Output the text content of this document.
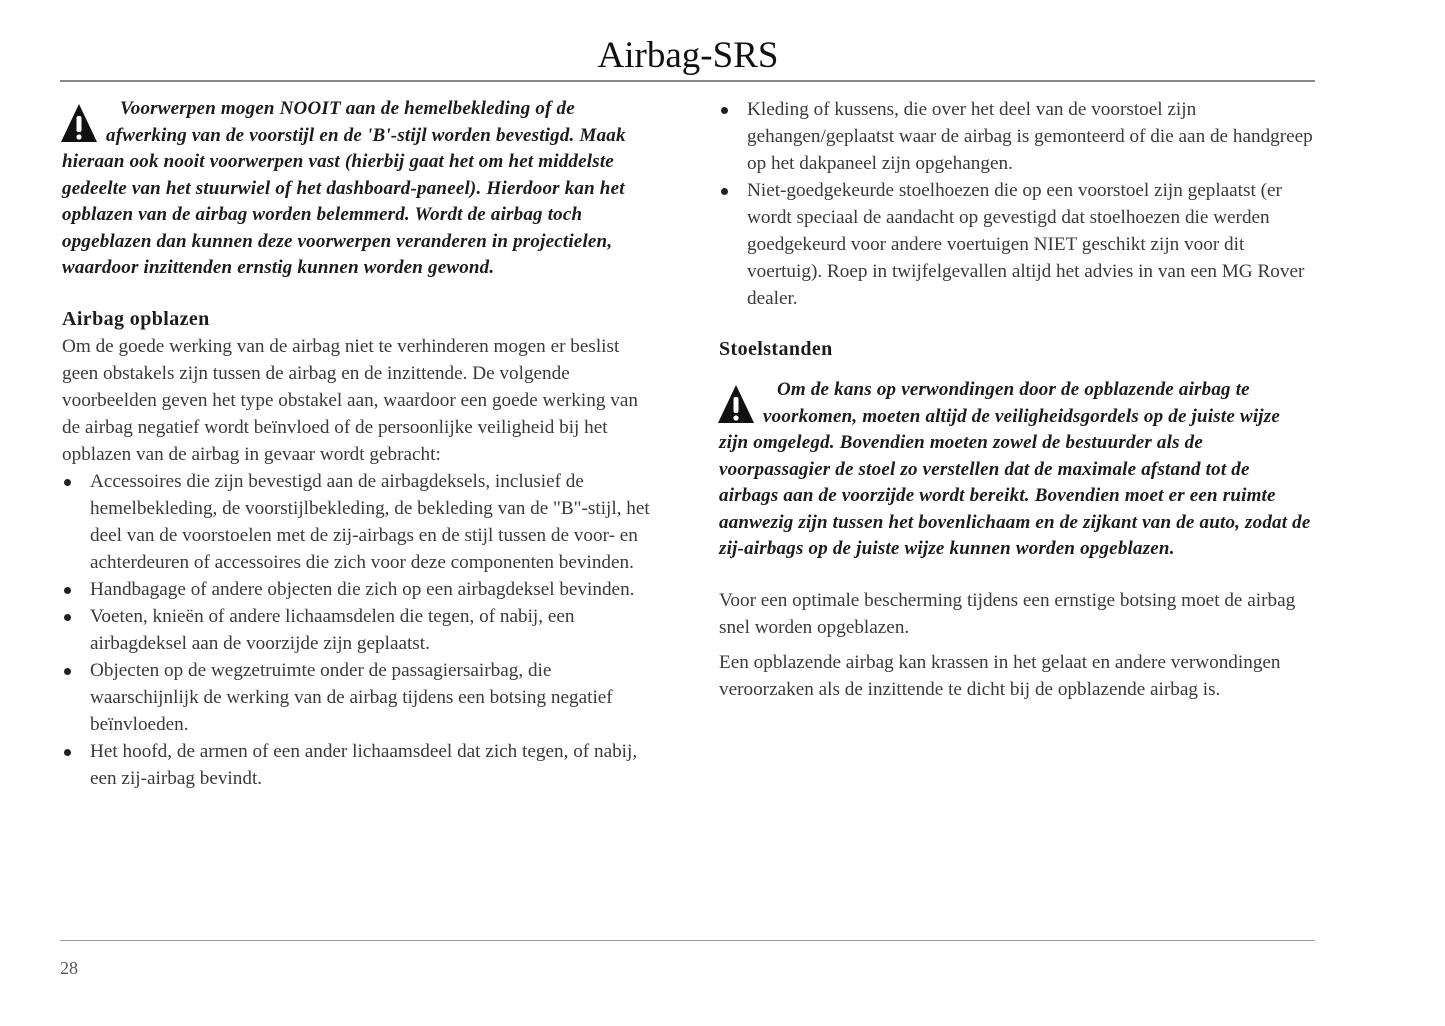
Airbag-SRS
Voorwerpen mogen NOOIT aan de hemelbekleding of de afwerking van de voorstijl en de 'B'-stijl worden bevestigd. Maak hieraan ook nooit voorwerpen vast (hierbij gaat het om het middelste gedeelte van het stuurwiel of het dashboard-paneel). Hierdoor kan het opblazen van de airbag worden belemmerd. Wordt de airbag toch opgeblazen dan kunnen deze voorwerpen veranderen in projectielen, waardoor inzittenden ernstig kunnen worden gewond.
Airbag opblazen

Om de goede werking van de airbag niet te verhinderen mogen er beslist geen obstakels zijn tussen de airbag en de inzittende. De volgende voorbeelden geven het type obstakel aan, waardoor een goede werking van de airbag negatief wordt beïnvloed of de persoonlijke veiligheid bij het opblazen van de airbag in gevaar wordt gebracht:

Accessoires die zijn bevestigd aan de airbagdeksels, inclusief de hemelbekleding, de voorstijlbekleding, de bekleding van de "B"-stijl, het deel van de voorstoelen met de zij-airbags en de stijl tussen de voor- en achterdeuren of accessoires die zich voor deze componenten bevinden.
Handbagage of andere objecten die zich op een airbagdeksel bevinden.
Voeten, knieën of andere lichaamsdelen die tegen, of nabij, een airbagdeksel aan de voorzijde zijn geplaatst.
Objecten op de wegzetruimte onder de passagiersairbag, die waarschijnlijk de werking van de airbag tijdens een botsing negatief beïnvloeden.
Het hoofd, de armen of een ander lichaamsdeel dat zich tegen, of nabij, een zij-airbag bevindt.
Kleding of kussens, die over het deel van de voorstoel zijn gehangen/geplaatst waar de airbag is gemonteerd of die aan de handgreep op het dakpaneel zijn opgehangen.
Niet-goedgekeurde stoelhoezen die op een voorstoel zijn geplaatst (er wordt speciaal de aandacht op gevestigd dat stoelhoezen die werden goedgekeurd voor andere voertuigen NIET geschikt zijn voor dit voertuig). Roep in twijfelgevallen altijd het advies in van een MG Rover dealer.
Stoelstanden
Om de kans op verwondingen door de opblazende airbag te voorkomen, moeten altijd de veiligheidsgordels op de juiste wijze zijn omgelegd. Bovendien moeten zowel de bestuurder als de voorpassagier de stoel zo verstellen dat de maximale afstand tot de airbags aan de voorzijde wordt bereikt. Bovendien moet er een ruimte aanwezig zijn tussen het bovenlichaam en de zijkant van de auto, zodat de zij-airbags op de juiste wijze kunnen worden opgeblazen.

Voor een optimale bescherming tijdens een ernstige botsing moet de airbag snel worden opgeblazen.

Een opblazende airbag kan krassen in het gelaat en andere verwondingen veroorzaken als de inzittende te dicht bij de opblazende airbag is.

28
